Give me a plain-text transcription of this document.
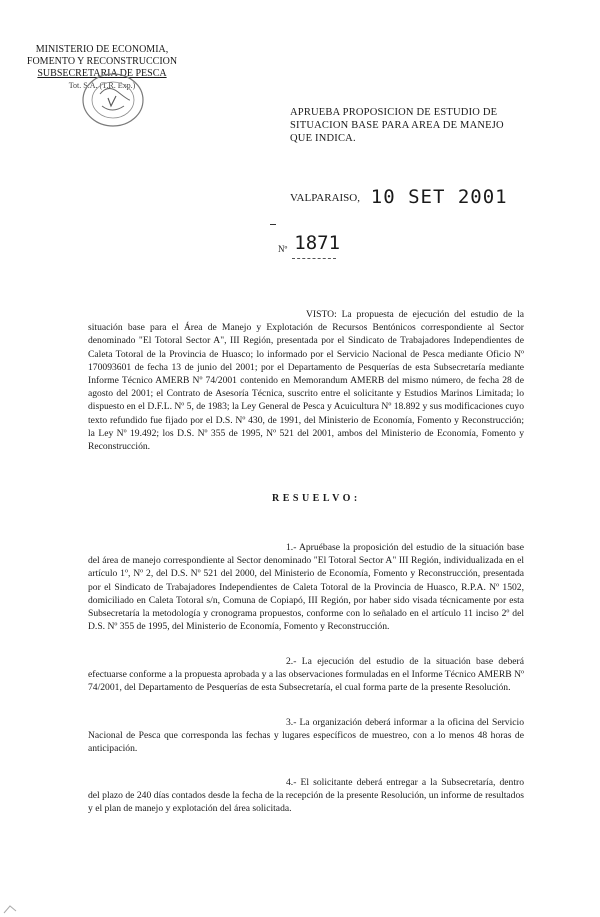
MINISTERIO DE ECONOMIA,
FOMENTO Y RECONSTRUCCION
SUBSECRETARIA DE PESCA
Tot. S.A. (T.R. Exp.)
APRUEBA PROPOSICION DE ESTUDIO DE
SITUACION BASE PARA AREA DE MANEJO
QUE INDICA.
VALPARAISO, 10 SET 2001
Nº 1871
VISTO: La propuesta de ejecución del estudio de la situación base para el Área de Manejo y Explotación de Recursos Bentónicos correspondiente al Sector denominado "El Totoral Sector A", III Región, presentada por el Sindicato de Trabajadores Independientes de Caleta Totoral de la Provincia de Huasco; lo informado por el Servicio Nacional de Pesca mediante Oficio Nº 170093601 de fecha 13 de junio del 2001; por el Departamento de Pesquerías de esta Subsecretaría mediante Informe Técnico AMERB Nº 74/2001 contenido en Memorandum AMERB del mismo número, de fecha 28 de agosto del 2001; el Contrato de Asesoría Técnica, suscrito entre el solicitante y Estudios Marinos Limitada; lo dispuesto en el D.F.L. Nº 5, de 1983; la Ley General de Pesca y Acuicultura Nº 18.892 y sus modificaciones cuyo texto refundido fue fijado por el D.S. Nº 430, de 1991, del Ministerio de Economía, Fomento y Reconstrucción; la Ley Nº 19.492; los D.S. Nº 355 de 1995, Nº 521 del 2001, ambos del Ministerio de Economía, Fomento y Reconstrucción.
RESUELVO:
1.- Apruébase la proposición del estudio de la situación base del área de manejo correspondiente al Sector denominado "El Totoral Sector A" III Región, individualizada en el artículo 1º, Nº 2, del D.S. Nº 521 del 2000, del Ministerio de Economía, Fomento y Reconstrucción, presentada por el Sindicato de Trabajadores Independientes de Caleta Totoral de la Provincia de Huasco, R.P.A. Nº 1502, domiciliado en Caleta Totoral s/n, Comuna de Copiapó, III Región, por haber sido visada técnicamente por esta Subsecretaría la metodología y cronograma propuestos, conforme con lo señalado en el artículo 11 inciso 2º del D.S. Nº 355 de 1995, del Ministerio de Economía, Fomento y Reconstrucción.
2.- La ejecución del estudio de la situación base deberá efectuarse conforme a la propuesta aprobada y a las observaciones formuladas en el Informe Técnico AMERB Nº 74/2001, del Departamento de Pesquerías de esta Subsecretaría, el cual forma parte de la presente Resolución.
3.- La organización deberá informar a la oficina del Servicio Nacional de Pesca que corresponda las fechas y lugares específicos de muestreo, con a lo menos 48 horas de anticipación.
4.- El solicitante deberá entregar a la Subsecretaría, dentro del plazo de 240 días contados desde la fecha de la recepción de la presente Resolución, un informe de resultados y el plan de manejo y explotación del área solicitada.
